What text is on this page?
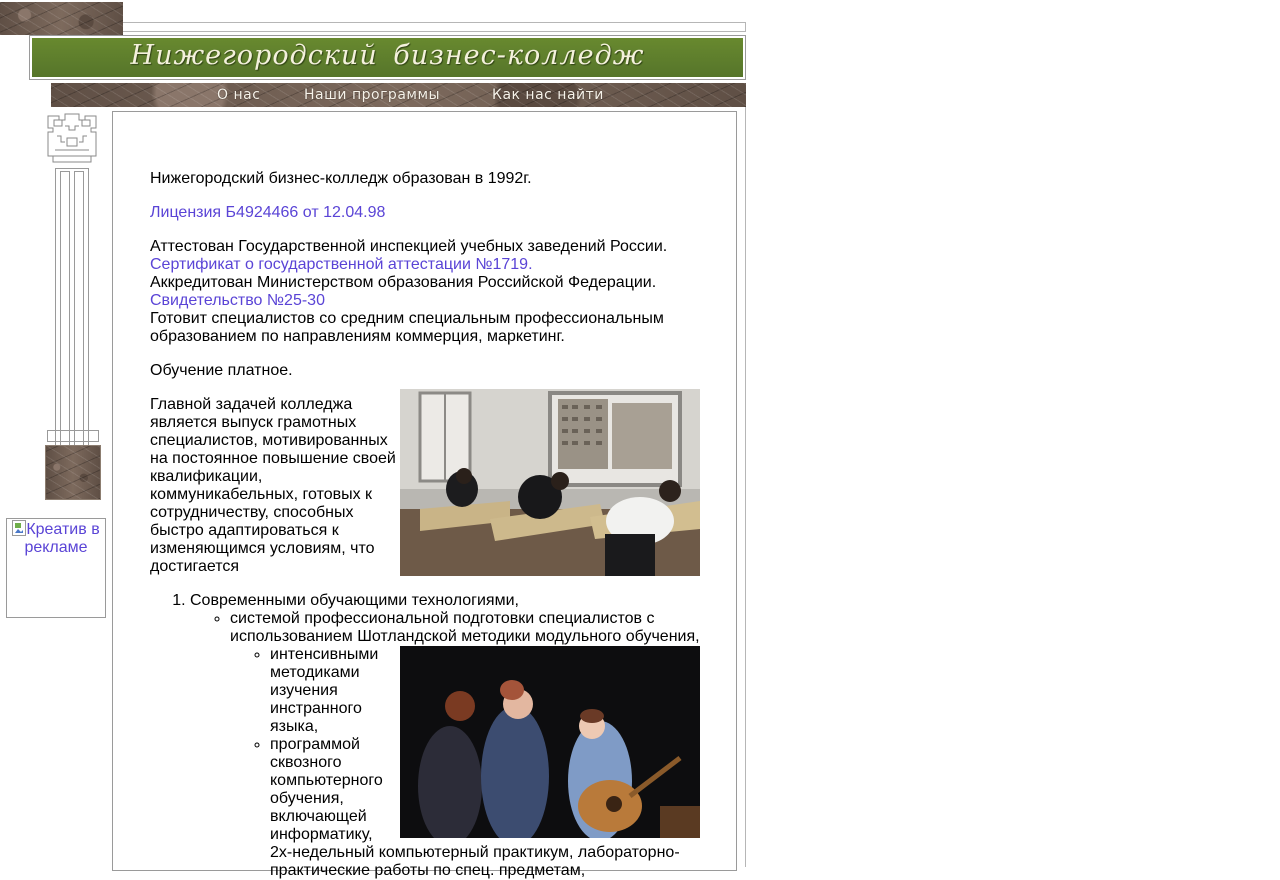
Нижегородский бизнес-колледж
О нас	Наши программы	Как нас найти
Креатив в рекламе

Нижегородский бизнес-колледж образован в 1992г.

Лицензия Б4924466 от 12.04.98

Аттестован Государственной инспекцией учебных заведений России.
Сертификат о государственной аттестации №1719.
Аккредитован Министерством образования Российской Федерации.
Свидетельство №25-30
Готовит специалистов со средним специальным профессиональным образованием по направлениям коммерция, маркетинг.

Обучение платное.

Главной задачей колледжа является выпуск грамотных специалистов, мотивированных на постоянное повышение своей квалификации, коммуникабельных, готовых к сотрудничеству, способных быстро адаптироваться к изменяющимся условиям, что достигается

1. Современными обучающими технологиями,
◦ системой профессиональной подготовки специалистов с использованием Шотландской методики модульного обучения,
◦ интенсивными методиками изучения инстранного языка,
◦ программой сквозного компьютерного обучения, включающей информатику, 2х-недельный компьютерный практикум, лабораторно-практические работы по спец. предметам,
